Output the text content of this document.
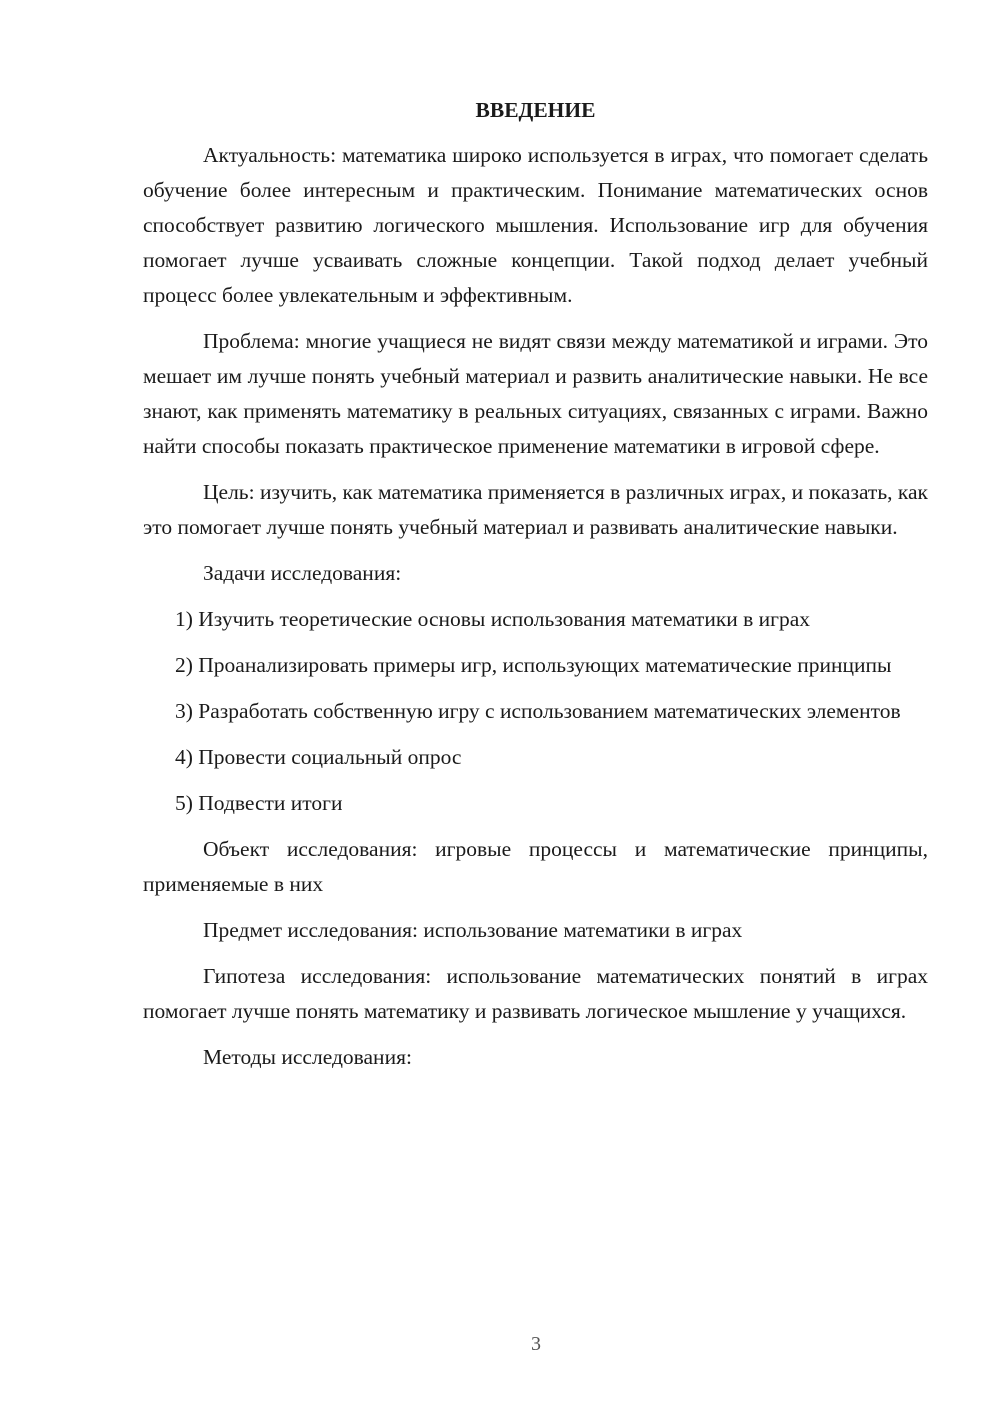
ВВЕДЕНИЕ

Актуальность: математика широко используется в играх, что помогает сделать обучение более интересным и практическим. Понимание математических основ способствует развитию логического мышления. Использование игр для обучения помогает лучше усваивать сложные концепции. Такой подход делает учебный процесс более увлекательным и эффективным.

Проблема: многие учащиеся не видят связи между математикой и играми. Это мешает им лучше понять учебный материал и развить аналитические навыки. Не все знают, как применять математику в реальных ситуациях, связанных с играми. Важно найти способы показать практическое применение математики в игровой сфере.

Цель: изучить, как математика применяется в различных играх, и показать, как это помогает лучше понять учебный материал и развивать аналитические навыки.

Задачи исследования:

1) Изучить теоретические основы использования математики в играх

2) Проанализировать примеры игр, использующих математические принципы

3) Разработать собственную игру с использованием математических элементов

4) Провести социальный опрос

5) Подвести итоги

Объект исследования: игровые процессы и математические принципы, применяемые в них

Предмет исследования: использование математики в играх

Гипотеза исследования: использование математических понятий в играх помогает лучше понять математику и развивать логическое мышление у учащихся.

Методы исследования:

3
